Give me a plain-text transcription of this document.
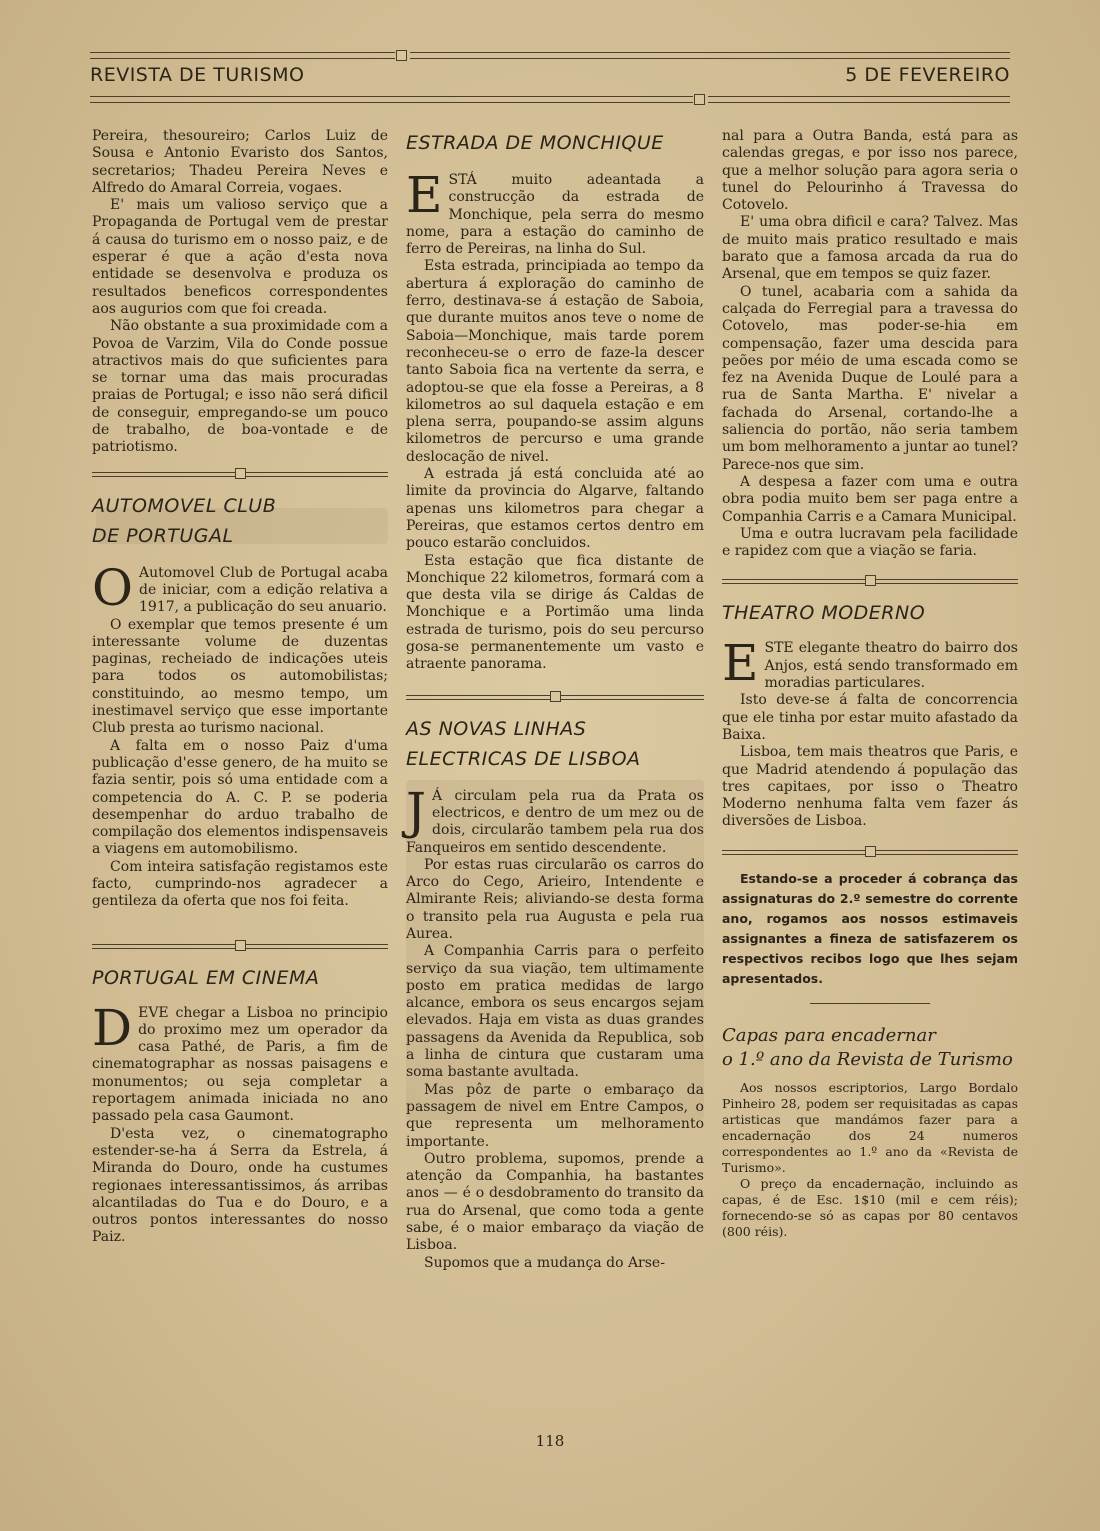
REVISTA DE TURISMO	5 DE FEVEREIRO

Pereira, thesoureiro; Carlos Luiz de Sousa e Antonio Evaristo dos Santos, secretarios; Thadeu Pereira Neves e Alfredo do Amaral Correia, vogaes.

E' mais um valioso serviço que a Propaganda de Portugal vem de prestar á causa do turismo em o nosso paiz, e de esperar é que a ação d'esta nova entidade se desenvolva e produza os resultados beneficos correspondentes aos augurios com que foi creada.

Não obstante a sua proximidade com a Povoa de Varzim, Vila do Conde possue atractivos mais do que suficientes para se tornar uma das mais procuradas praias de Portugal; e isso não será dificil de conseguir, empregando-se um pouco de trabalho, de boa-vontade e de patriotismo.

AUTOMOVEL CLUB
DE PORTUGAL

O Automovel Club de Portugal acaba de iniciar, com a edição relativa a 1917, a publicação do seu anuario.

O exemplar que temos presente é um interessante volume de duzentas paginas, recheiado de indicações uteis para todos os automobilistas; constituindo, ao mesmo tempo, um inestimavel serviço que esse importante Club presta ao turismo nacional.

A falta em o nosso Paiz d'uma publicação d'esse genero, de ha muito se fazia sentir, pois só uma entidade com a competencia do A. C. P. se poderia desempenhar do arduo trabalho de compilação dos elementos indispensaveis a viagens em automobilismo.

Com inteira satisfação registamos este facto, cumprindo-nos agradecer a gentileza da oferta que nos foi feita.

PORTUGAL EM CINEMA

DEVE chegar a Lisboa no principio do proximo mez um operador da casa Pathé, de Paris, a fim de cinematographar as nossas paisagens e monumentos; ou seja completar a reportagem animada iniciada no ano passado pela casa Gaumont.

D'esta vez, o cinematographo estender-se-ha á Serra da Estrela, á Miranda do Douro, onde ha custumes regionaes interessantissimos, ás arribas alcantiladas do Tua e do Douro, e a outros pontos interessantes do nosso Paiz.

ESTRADA DE MONCHIQUE

ESTÁ muito adeantada a construcção da estrada de Monchique, pela serra do mesmo nome, para a estação do caminho de ferro de Pereiras, na linha do Sul.

Esta estrada, principiada ao tempo da abertura á exploração do caminho de ferro, destinava-se á estação de Saboia, que durante muitos anos teve o nome de Saboia—Monchique, mais tarde porem reconheceu-se o erro de faze-la descer tanto Saboia fica na vertente da serra, e adoptou-se que ela fosse a Pereiras, a 8 kilometros ao sul daquela estação e em plena serra, poupando-se assim alguns kilometros de percurso e uma grande deslocação de nivel.

A estrada já está concluida até ao limite da provincia do Algarve, faltando apenas uns kilometros para chegar a Pereiras, que estamos certos dentro em pouco estarão concluidos.

Esta estação que fica distante de Monchique 22 kilometros, formará com a que desta vila se dirige ás Caldas de Monchique e a Portimão uma linda estrada de turismo, pois do seu percurso gosa-se permanentemente um vasto e atraente panorama.

AS NOVAS LINHAS
ELECTRICAS DE LISBOA

J Á circulam pela rua da Prata os electricos, e dentro de um mez ou de dois, circularão tambem pela rua dos Fanqueiros em sentido descendente.

Por estas ruas circularão os carros do Arco do Cego, Arieiro, Intendente e Almirante Reis; aliviando-se desta forma o transito pela rua Augusta e pela rua Aurea.

A Companhia Carris para o perfeito serviço da sua viação, tem ultimamente posto em pratica medidas de largo alcance, embora os seus encargos sejam elevados. Haja em vista as duas grandes passagens da Avenida da Republica, sob a linha de cintura que custaram uma soma bastante avultada.

Mas pôz de parte o embaraço da passagem de nivel em Entre Campos, o que representa um melhoramento importante.

Outro problema, supomos, prende a atenção da Companhia, ha bastantes anos — é o desdobramento do transito da rua do Arsenal, que como toda a gente sabe, é o maior embaraço da viação de Lisboa.

Supomos que a mudança do Arse-

nal para a Outra Banda, está para as calendas gregas, e por isso nos parece, que a melhor solução para agora seria o tunel do Pelourinho á Travessa do Cotovelo.

E' uma obra dificil e cara? Talvez. Mas de muito mais pratico resultado e mais barato que a famosa arcada da rua do Arsenal, que em tempos se quiz fazer.

O tunel, acabaria com a sahida da calçada do Ferregial para a travessa do Cotovelo, mas poder-se-hia em compensação, fazer uma descida para peões por méio de uma escada como se fez na Avenida Duque de Loulé para a rua de Santa Martha. E' nivelar a fachada do Arsenal, cortando-lhe a saliencia do portão, não seria tambem um bom melhoramento a juntar ao tunel? Parece-nos que sim.

A despesa a fazer com uma e outra obra podia muito bem ser paga entre a Companhia Carris e a Camara Municipal.

Uma e outra lucravam pela facilidade e rapidez com que a viação se faria.

THEATRO MODERNO

ESTE elegante theatro do bairro dos Anjos, está sendo transformado em moradias particulares.

Isto deve-se á falta de concorrencia que ele tinha por estar muito afastado da Baixa.

Lisboa, tem mais theatros que Paris, e que Madrid atendendo á população das tres capitaes, por isso o Theatro Moderno nenhuma falta vem fazer ás diversões de Lisboa.

Estando-se a proceder á cobrança das assignaturas do 2.º semestre do corrente ano, rogamos aos nossos estimaveis assignantes a fineza de satisfazerem os respectivos recibos logo que lhes sejam apresentados.

Capas para encadernar
o 1.º ano da Revista de Turismo

Aos nossos escriptorios, Largo Bordalo Pinheiro 28, podem ser requisitadas as capas artisticas que mandámos fazer para a encadernação dos 24 numeros correspondentes ao 1.º ano da «Revista de Turismo».

O preço da encadernação, incluindo as capas, é de Esc. 1$10 (mil e cem réis); fornecendo-se só as capas por 80 centavos (800 réis).

118
